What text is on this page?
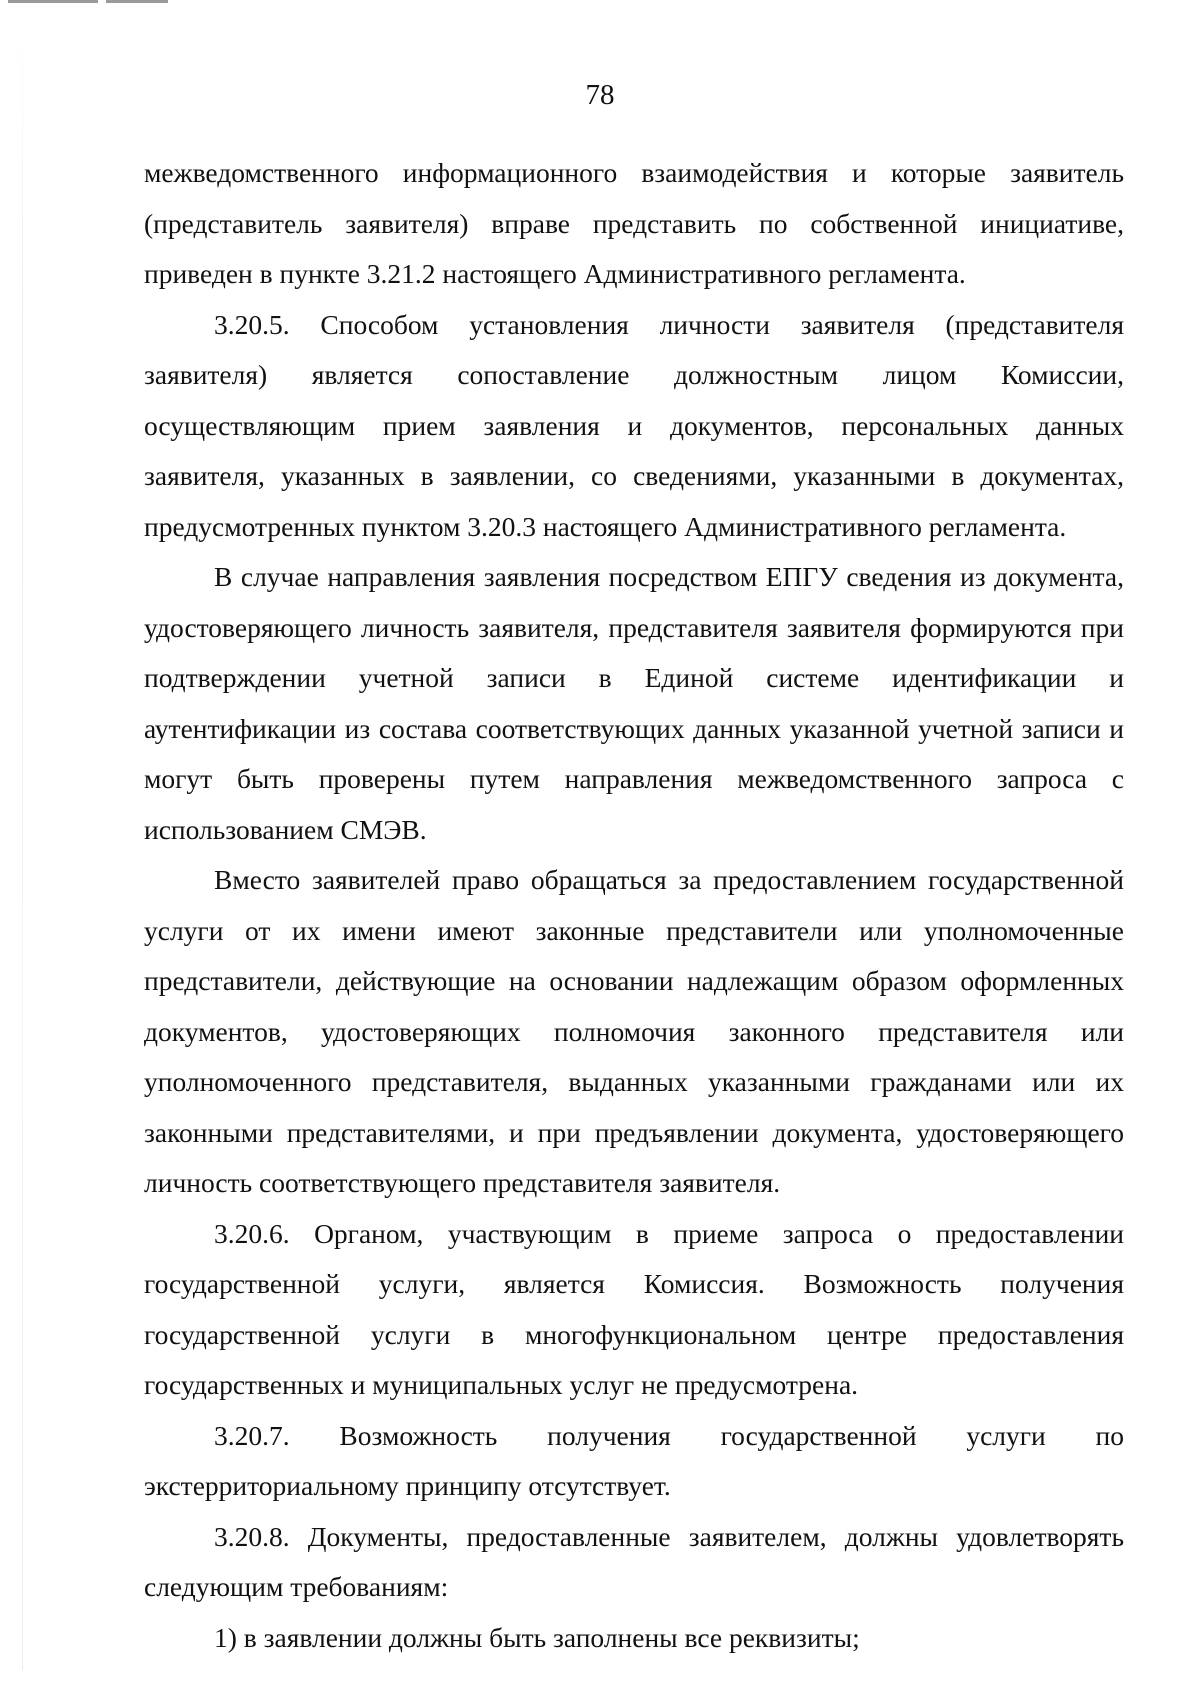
78

межведомственного информационного взаимодействия и которые заявитель (представитель заявителя) вправе представить по собственной инициативе, приведен в пункте 3.21.2 настоящего Административного регламента.

3.20.5. Способом установления личности заявителя (представителя заявителя) является сопоставление должностным лицом Комиссии, осуществляющим прием заявления и документов, персональных данных заявителя, указанных в заявлении, со сведениями, указанными в документах, предусмотренных пунктом 3.20.3 настоящего Административного регламента.

В случае направления заявления посредством ЕПГУ сведения из документа, удостоверяющего личность заявителя, представителя заявителя формируются при подтверждении учетной записи в Единой системе идентификации и аутентификации из состава соответствующих данных указанной учетной записи и могут быть проверены путем направления межведомственного запроса с использованием СМЭВ.

Вместо заявителей право обращаться за предоставлением государственной услуги от их имени имеют законные представители или уполномоченные представители, действующие на основании надлежащим образом оформленных документов, удостоверяющих полномочия законного представителя или уполномоченного представителя, выданных указанными гражданами или их законными представителями, и при предъявлении документа, удостоверяющего личность соответствующего представителя заявителя.

3.20.6. Органом, участвующим в приеме запроса о предоставлении государственной услуги, является Комиссия. Возможность получения государственной услуги в многофункциональном центре предоставления государственных и муниципальных услуг не предусмотрена.

3.20.7. Возможность получения государственной услуги по экстерриториальному принципу отсутствует.

3.20.8. Документы, предоставленные заявителем, должны удовлетворять следующим требованиям:

1) в заявлении должны быть заполнены все реквизиты;
